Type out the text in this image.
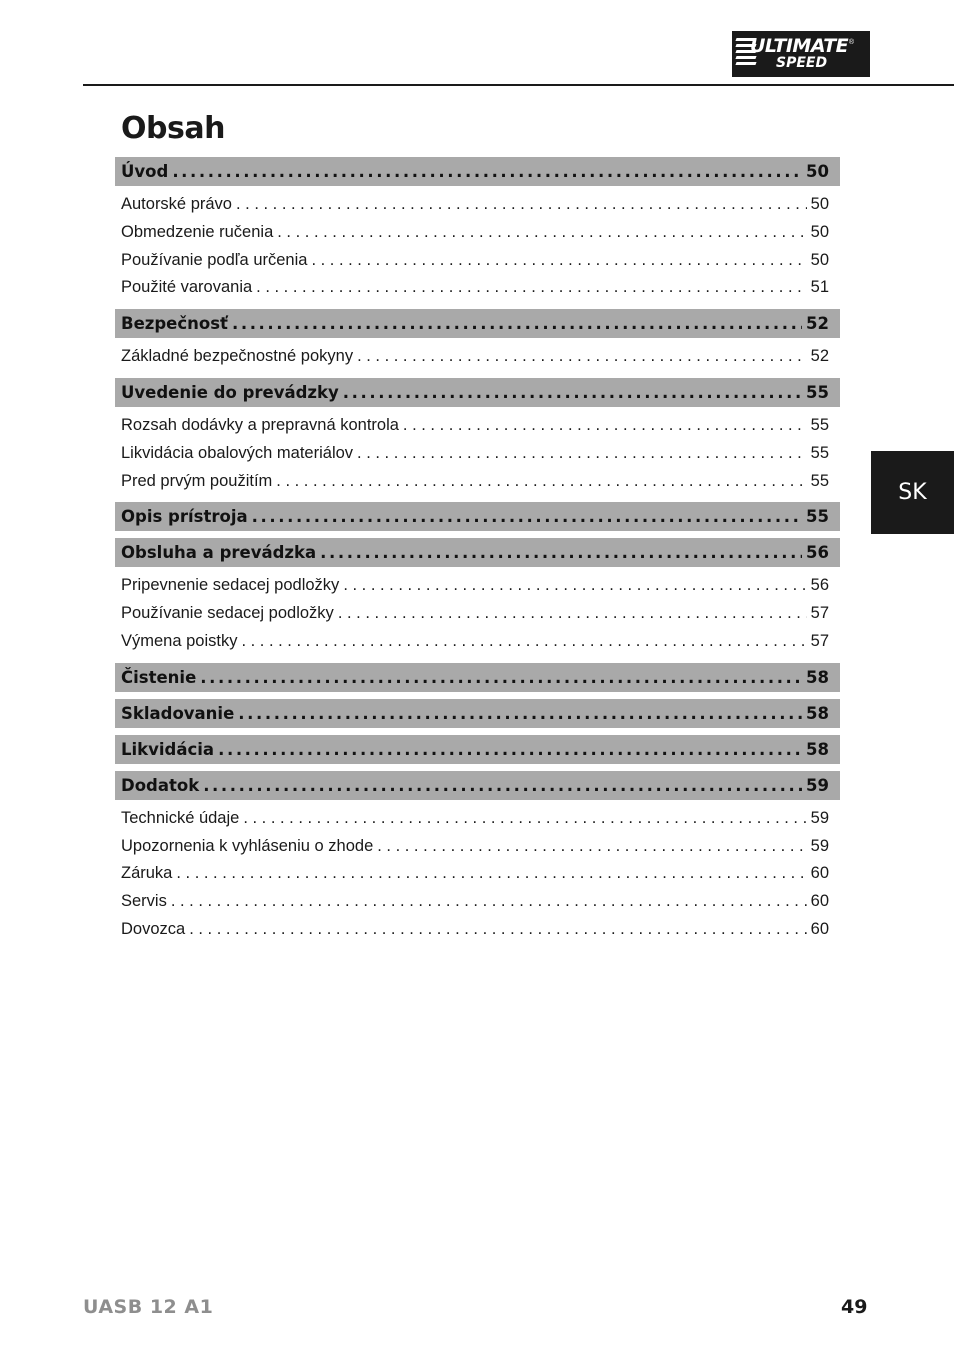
ULTIMATE
SPEED
®
Obsah
Úvod .....	50
Autorské právo . . .	50
Obmedzenie ručenia . . .	50
Používanie podľa určenia . . .	50
Použité varovania . . .	51
Bezpečnosť .....	52
Základné bezpečnostné pokyny . . .	52
Uvedenie do prevádzky .....	55
Rozsah dodávky a prepravná kontrola . . .	55
Likvidácia obalových materiálov . . .	55
Pred prvým použitím . . .	55
Opis prístroja .....	55
Obsluha a prevádzka .....	56
Pripevnenie sedacej podložky . . .	56
Používanie sedacej podložky . . .	57
Výmena poistky . . .	57
Čistenie .....	58
Skladovanie .....	58
Likvidácia .....	58
Dodatok .....	59
Technické údaje . . .	59
Upozornenia k vyhláseniu o zhode . . .	59
Záruka . . .	60
Servis . . .	60
Dovozca . . .	60
SK
UASB 12 A1	49
